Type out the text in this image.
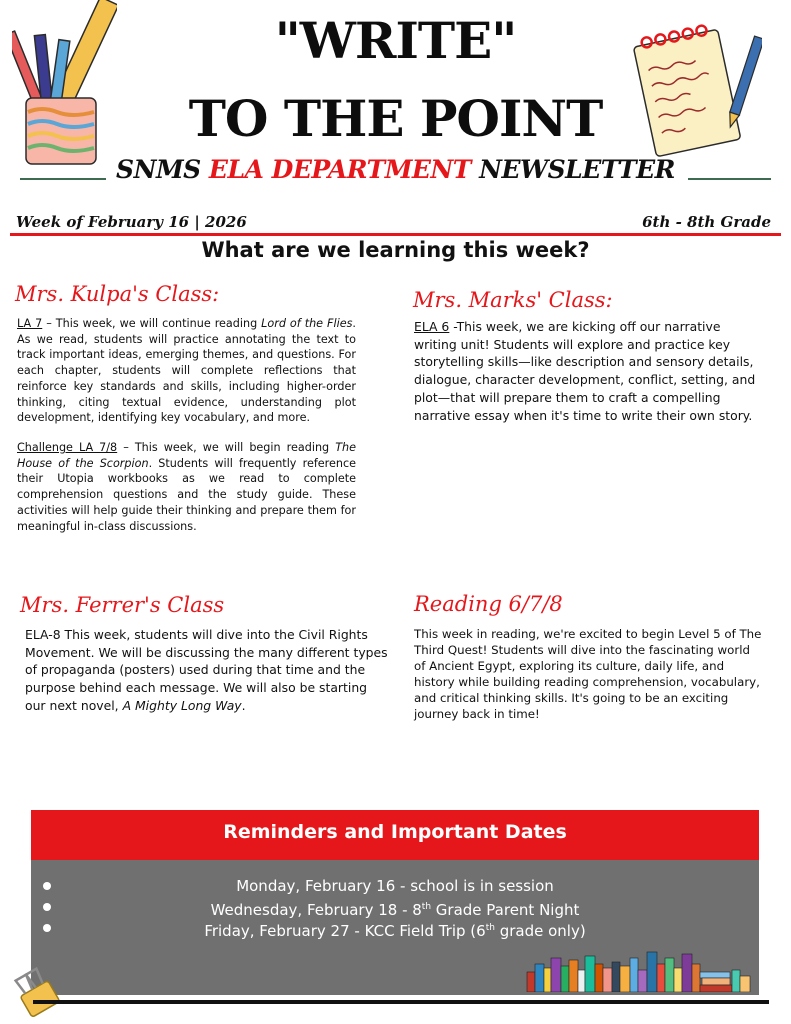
"WRITE"
TO THE POINT
SNMS ELA DEPARTMENT NEWSLETTER
Week of February 16 | 2026	6th - 8th Grade
What are we learning this week?
Mrs. Kulpa's Class:
LA 7 – This week, we will continue reading Lord of the Flies. As we read, students will practice annotating the text to track important ideas, emerging themes, and questions. For each chapter, students will complete reflections that reinforce key standards and skills, including higher-order thinking, citing textual evidence, understanding plot development, identifying key vocabulary, and more.
Challenge LA 7/8 – This week, we will begin reading The House of the Scorpion. Students will frequently reference their Utopia workbooks as we read to complete comprehension questions and the study guide. These activities will help guide their thinking and prepare them for meaningful in-class discussions.
Mrs. Marks' Class:
ELA 6 -This week, we are kicking off our narrative writing unit! Students will explore and practice key storytelling skills—like description and sensory details, dialogue, character development, conflict, setting, and plot—that will prepare them to craft a compelling narrative essay when it's time to write their own story.
Mrs. Ferrer's Class
ELA-8 This week, students will dive into the Civil Rights Movement. We will be discussing the many different types of propaganda (posters) used during that time and the purpose behind each message. We will also be starting our next novel, A Mighty Long Way.
Reading 6/7/8
This week in reading, we're excited to begin Level 5 of The Third Quest! Students will dive into the fascinating world of Ancient Egypt, exploring its culture, daily life, and history while building reading comprehension, vocabulary, and critical thinking skills. It's going to be an exciting journey back in time!
Reminders and Important Dates
Monday, February 16 - school is in session
Wednesday, February 18 - 8th Grade Parent Night
Friday, February 27 - KCC Field Trip (6th grade only)
